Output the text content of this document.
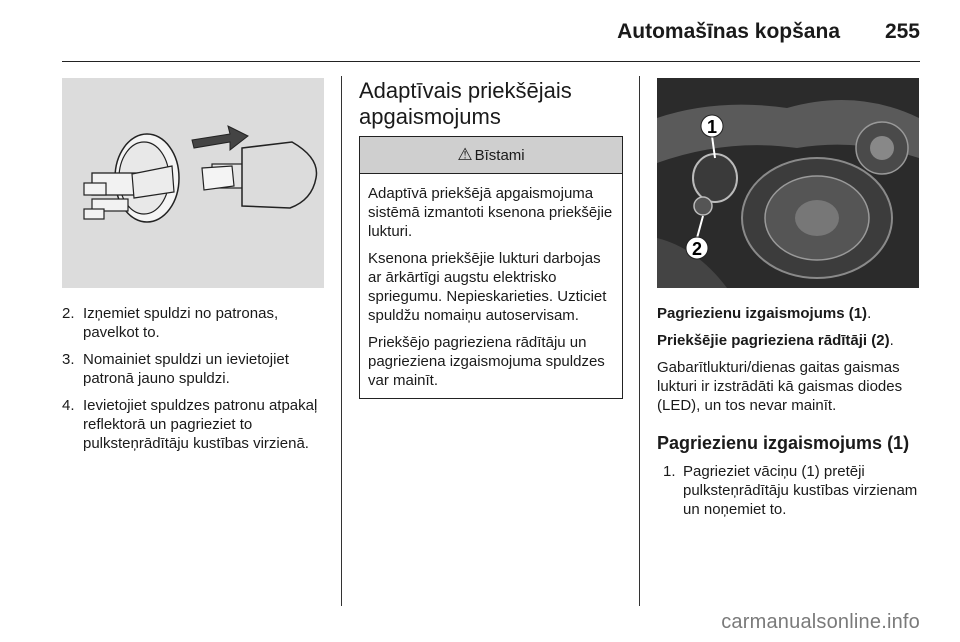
Automašīnas kopšana 255
2. Izņemiet spuldzi no patronas, pavelkot to.
3. Nomainiet spuldzi un ievietojiet patronā jauno spuldzi.
4. Ievietojiet spuldzes patronu atpakaļ reflektorā un pagrieziet to pulksteņrādītāju kustības virzienā.
Adaptīvais priekšējais apgaismojums
⚠ Bīstami

Adaptīvā priekšējā apgaismojuma sistēmā izmantoti ksenona priekšējie lukturi.

Ksenona priekšējie lukturi darbojas ar ārkārtīgi augstu elektrisko spriegumu. Nepieskarieties. Uzticiet spuldžu nomaiņu autoservisam.

Priekšējo pagrieziena rādītāju un pagrieziena izgaismojuma spuldzes var mainīt.

1
2

Pagriezienu izgaismojums (1).

Priekšējie pagrieziena rādītāji (2).

Gabarītlukturi/dienas gaitas gaismas lukturi ir izstrādāti kā gaismas diodes (LED), un tos nevar mainīt.

Pagriezienu izgaismojums (1)
1. Pagrieziet vāciņu (1) pretēji pulksteņrādītāju kustības virzienam un noņemiet to.
carmanualsonline.info
